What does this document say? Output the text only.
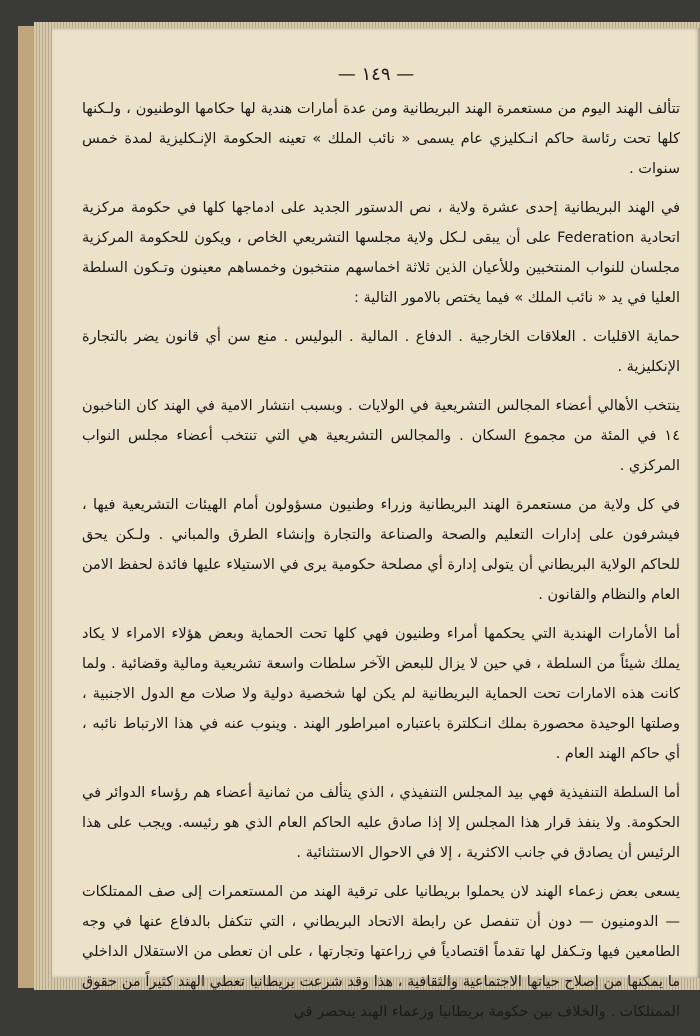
— ١٤٩ —

تتألف الهند اليوم من مستعمرة الهند البريطانية ومن عدة أمارات هندية لها حكامها الوطنيون ، ولـكنها كلها تحت رئاسة حاكم انـكليزي عام يسمى « نائب الملك » تعينه الحكومة الإنـكليزية لمدة خمس سنوات .

في الهند البريطانية إحدى عشرة ولاية ، نص الدستور الجديد على ادماجها كلها في حكومة مركزية اتحادية Federation على أن يبقى لـكل ولاية مجلسها التشريعي الخاص ، ويكون للحكومة المركزية مجلسان للنواب المنتخبين وللأعيان الذين ثلاثة اخماسهم منتخبون وخمساهم معينون وتـكون السلطة العليا في يد « نائب الملك » فيما يختص بالامور التالية :

حماية الاقليات . العلاقات الخارجية . الدفاع . المالية . البوليس . منع سن أي قانون يضر بالتجارة الإنكليزية .

ينتخب الأهالي أعضاء المجالس التشريعية في الولايات . وبسبب انتشار الامية في الهند كان الناخبون ١٤ في المئة من مجموع السكان . والمجالس التشريعية هي التي تنتخب أعضاء مجلس النواب المركزي .

في كل ولاية من مستعمرة الهند البريطانية وزراء وطنيون مسؤولون أمام الهيئات التشريعية فيها ، فيشرفون على إدارات التعليم والصحة والصناعة والتجارة وإنشاء الطرق والمباني . ولـكن يحق للحاكم الولاية البريطاني أن يتولى إدارة أي مصلحة حكومية يرى في الاستيلاء عليها فائدة لحفظ الامن العام والنظام والقانون .

أما الأمارات الهندية التي يحكمها أمراء وطنيون فهي كلها تحت الحماية وبعض هؤلاء الامراء لا يكاد يملك شيئاً من السلطة ، في حين لا يزال للبعض الآخر سلطات واسعة تشريعية ومالية وقضائية . ولما كانت هذه الامارات تحت الحماية البريطانية لم يكن لها شخصية دولية ولا صلات مع الدول الاجنبية ، وصلتها الوحيدة محصورة بملك انـكلترة باعتباره امبراطور الهند . وينوب عنه في هذا الارتباط نائبه ، أي حاكم الهند العام .

أما السلطة التنفيذية فهي بيد المجلس التنفيذي ، الذي يتألف من ثمانية أعضاء هم رؤساء الدوائر في الحكومة. ولا ينفذ قرار هذا المجلس إلا إذا صادق عليه الحاكم العام الذي هو رئيسه. ويجب على هذا الرئيس أن يصادق في جانب الاكثرية ، إلا في الاحوال الاستثنائية .

يسعى بعض زعماء الهند لان يحملوا بريطانيا على ترقية الهند من المستعمرات إلى صف الممتلكات — الدومنيون — دون أن تنفصل عن رابطة الاتحاد البريطاني ، التي تتكفل بالدفاع عنها في وجه الطامعين فيها وتـكفل لها تقدماً اقتصادياً في زراعتها وتجارتها ، على ان تعطى من الاستقلال الداخلي ما يمكنها من إصلاح حياتها الاجتماعية والثقافية ، هذا وقد شرعت بريطانيا تعطي الهند كثيراً من حقوق الممتلكات . والخلاف بين حكومة بريطانيا وزعماء الهند ينحصر في
